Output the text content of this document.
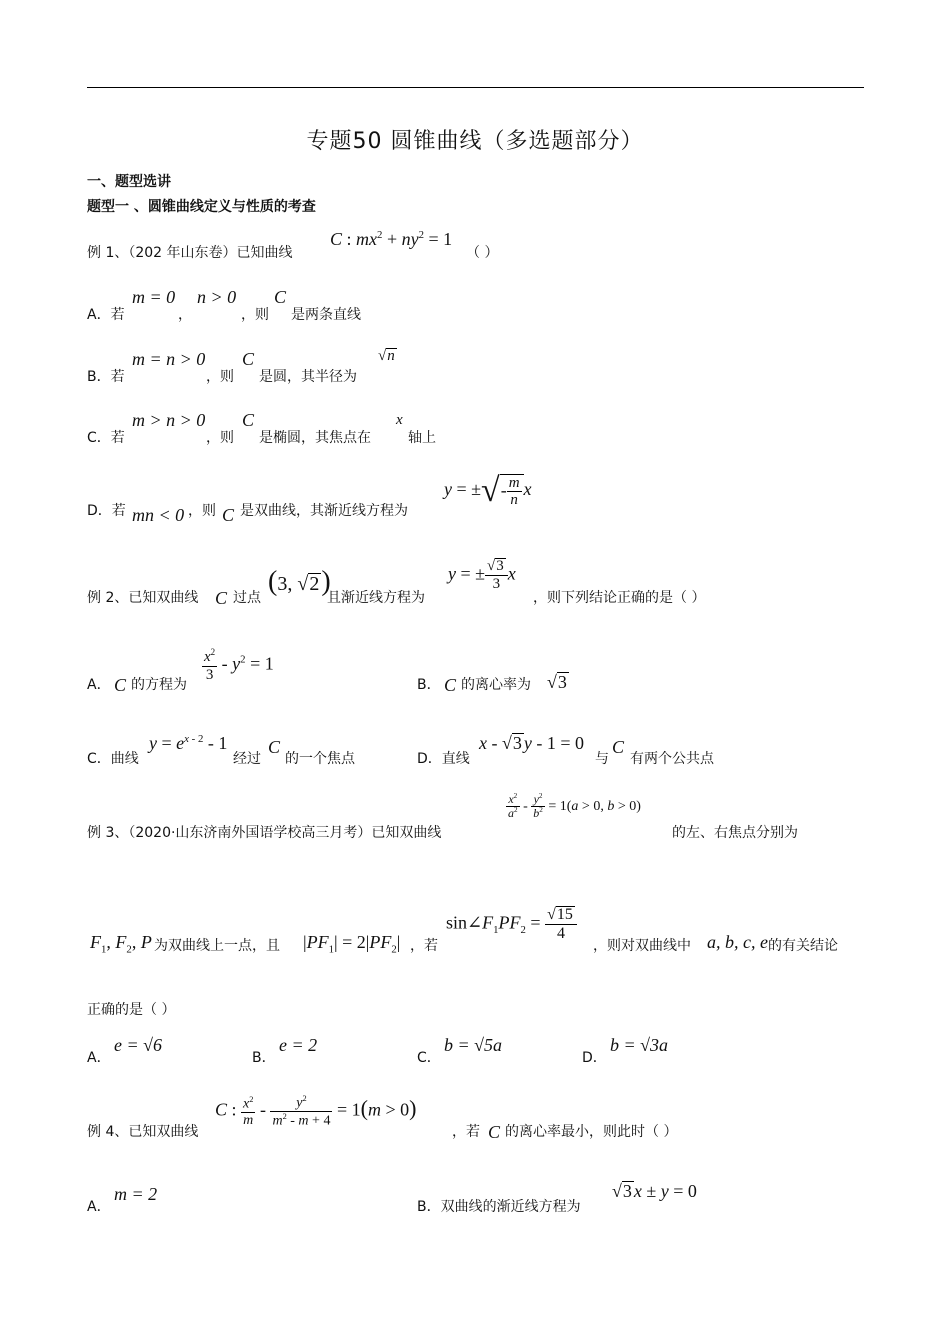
专题50 圆锥曲线（多选题部分）
一、题型选讲
题型一 、圆锥曲线定义与性质的考查
例 1、（202 年山东卷）已知曲线
C : $mx^2 + ny^2 = 1$
（ ）
A．若
m = 0
，
n > 0
，则
C
是两条直线
B．若
m = n > 0
，则
C
是圆，其半径为
√n
C．若
m > n > 0
，则
C
是椭圆，其焦点在
x
轴上
D．若 mn < 0 ，则 C 是双曲线，其渐近线方程为
y = ±√- $\frac{m}{n}$ x
例 2、已知双曲线 C 过点
(3, √2)
且渐近线方程为
y = ± $\frac{√3}{3}$ x
，则下列结论正确的是（ ）
A． C 的方程为
$\frac{x^2}{3} - y^2 = 1$
B． C 的离心率为 √3
C．曲线
$y = e^{x - 2} - 1$
经过
C
的一个焦点	D．直线
x - √3 y - 1 = 0
与
C
有两个公共点
例 3、（2020·山东济南外国语学校高三月考）已知双曲线
$\frac{x^2}{a^2} - \frac{y^2}{b^2} = 1(a > 0$, b > 0)
的左、右焦点分别为
$F_1$, $F_2$, P 为双曲线上一点，且 $|PF_1| = 2|PF_2|$ ，若
$\sin\angle F_1PF_2 = \frac{√15}{4}$
，则对双曲线中 a, b, c, e 的有关结论
正确的是（ ）
A．
e = √6
B．
e = 2
C．
b = √5a
D．
b = √3a
例 4、已知双曲线
C : $\frac{x^2}{m} - \frac{y^2}{m^2 - m + 4} = 1(m > 0)$
，若 C 的离心率最小，则此时（ ）
A．
m = 2
B．双曲线的渐近线方程为
√3 x ± y = 0
